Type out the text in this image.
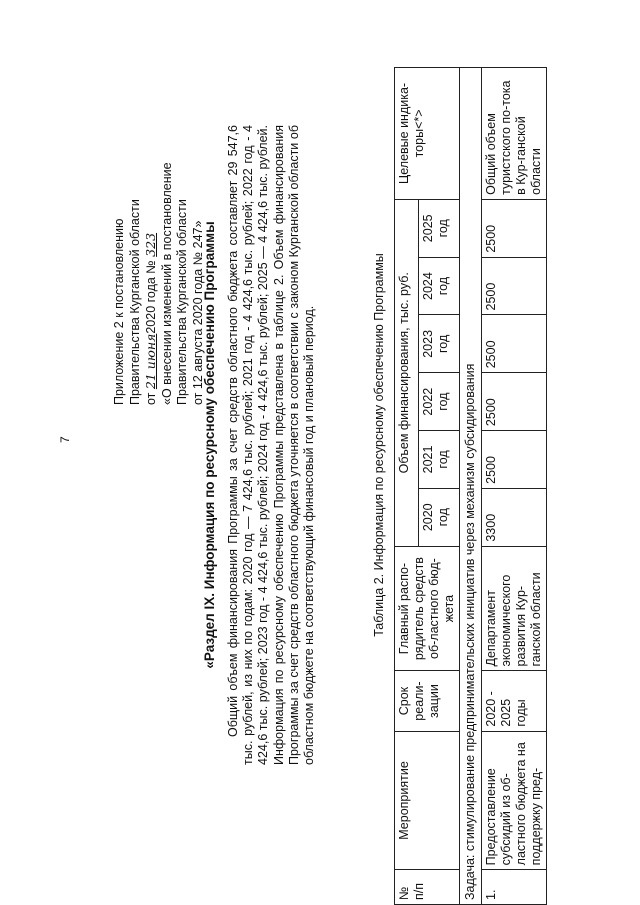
7
Приложение 2 к постановлению Правительства Курганской области от 21 июня2020 года № 323 «О внесении изменений в постановление Правительства Курганской области от 12 августа 2020 года № 247»
«Раздел IX. Информация по ресурсному обеспечению Программы Общий объем финансирования Программы за счет средств областного бюджета составляет 29 547,6 тыс. рублей, из них по годам: 2020 год — 7 424,6 тыс. рублей; 2021 год - 4 424,6 тыс. рублей; 2022 год - 4 424,6 тыс. рублей; 2023 год - 4 424,6 тыс. рублей; 2024 год - 4 424,6 тыс. рублей; 2025 — 4 424,6 тыс. рублей. Информация по ресурсному обеспечению Программы представлена в таблице 2. Объем финансирования Программы за счет средств областного бюджета уточняется в соответствии с законом Курганской области об областном бюджете на соответствующий финансовый год и плановый период.	Таблица 2. Информация по ресурсному обеспечению Программы
№ п/п	Мероприятие	Срок реали-зации	Главный распо-рядитель средств об-ластного бюд-жета	Объем финансирования, тыс. руб.						Целевые индика-торы<*>
				2020 год	2021 год	2022 год	2023 год	2024 год	2025 год	
Задача: стимулирование предпринимательских инициатив через механизм субсидирования										
1.	Предоставление субсидий из об-ластного бюджета на поддержку пред-	2020 - 2025 годы	Департамент экономического развития Кур-ганской области	3300	2500	2500	2500	2500	2500	Общий объем туристского по-тока в Кур-ганской области
